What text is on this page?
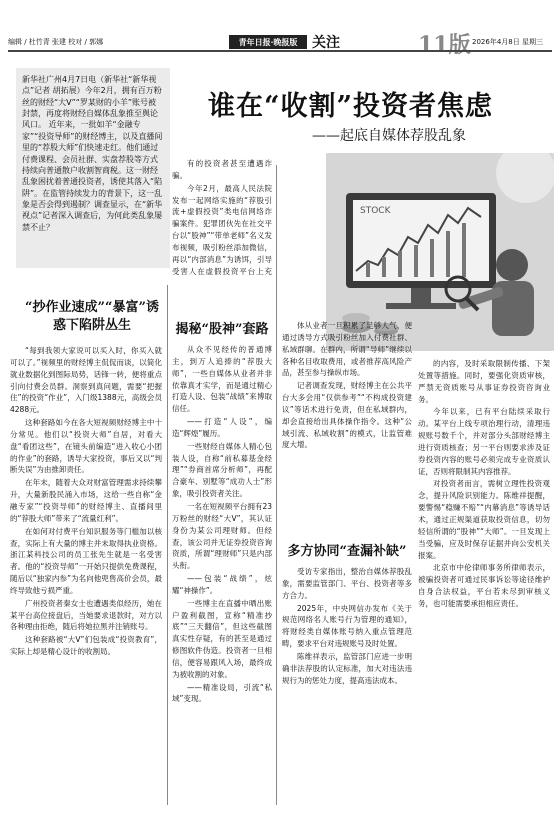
编辑 / 杜竹青 张建 校对 / 郭娜	青年日报·晚报版	关注	11版 2026年4月8日 星期三
新华社广州4月7日电（新华社“新华视点”记者 胡拓展）今年2月，拥有百万粉丝的财经“大V”“罗某财的小羊”账号被封禁，再度将财经自媒体乱象推至舆论风口。 近年来，一批如羊“金融专家”“投资导师”的财经博主，以及直播间里的“荐股大师”们快速走红。他们通过付费课程、会员社群、实盘荐股等方式持续向普通散户收割智商税。这一财经乱象困扰着普通投资者，诱使其落入“陷阱”。在监管持续发力的背景下，这一乱象是否会得到遏制？调查显示，在“新华视点”记者深入调查后，为何此类乱象屡禁不止？
谁在“收割”投资者焦虑
——起底自媒体荐股乱象
STOCK
“抄作业速成”“暴富”诱惑下陷阱丛生

“每到我领大家说可以买入时，你买入就可以了。”视频里的财经博主侃侃而谈，以简化就业数据化到图际局势，话锋一转，便将重点引向付费会员群。洞察到真问题，需要“把握住”的投资“作业”，入门级1388元，高级会员4288元。

这种套路如今在各大短视频财经博主中十分常见。他们以“投资大师”自居，对看大盘“看团这些”，在镜头前编造“进入收心小团的作业”的套路，诱导大家投资，事后又以“判断失误”为由推卸责任。

在年末，随着大众对财富管理需求持续攀升，大量新股民涌入市场，这给一些自称“金融专家”“投资导师”的财经博主、直播间里的“荐股大师”带来了“流量红利”。

在如何对付费平台知识服务等门槛加以核查，实际上有大量的博主并未取得执业资格。浙江某科技公司的员工张先生就是一名受害者。他的“投资导师”一开始只提供免费课程，随后以“独家内参”为名向他兜售高价会员，最终导致他亏损严重。

广州投资者秦女士也遭遇类似经历，她在某平台高位接盘后，当她要求退款时，对方以各种理由拒绝，随后将她拉黑并注销账号。

这种套路被“大V”们包装成“投资教育”，实际上却是精心设计的收割局。

有的投资者甚至遭遇诈骗。

今年2月，最高人民法院发布一起网络实施的“荐股引流+虚假投资”类电信网络诈骗案件。犯罪团伙先在社交平台以“股神”“带单老师”名义发布视频，吸引粉丝添加微信，再以“内部消息”为诱饵，引导受害人在虚假投资平台上充

揭秘“股神”套路

从众不见经传的普通博主，到万人追捧的“荐股大师”，一些自媒体从业者并非依靠真才实学，而是通过精心打造人设、包装“战绩”来博取信任。

——打造“人设”，编造“辉煌”履历。

一些财经自媒体人精心包装人设，自称“前私募基金经理”“券商首席分析师”，再配合豪车、别墅等“成功人士”形象，吸引投资者关注。

一名在短视频平台拥有23万粉丝的财经“大V”，其认证身份为某公司理财师。但经查，该公司并无证券投资咨询资质，所谓“理财师”只是内部头衔。

——包装“战绩”，炫耀“神操作”。

一些博主在直播中晒出账户盈利截图，宣称“精准抄底”“三天翻倍”，但这些截图真实性存疑，有的甚至是通过修图软件伪造。投资者一旦相信，便容易跟风入场，最终成为被收割的对象。

——精准设局，引流“私域”变现。

体从业者一旦积累了足够人气，便通过诱导方式吸引粉丝加入付费社群、私域群聊。在群内，所谓“导师”继续以各种名目收取费用，或者推荐高风险产品，甚至参与操纵市场。

记者调查发现，财经博主在公共平台大多会用“仅供参考”“不构成投资建议”等话术进行免责，但在私域群内，却会直接给出具体操作指令。这种“公域引流、私域收割”的模式，让监管难度大增。

多方协同“查漏补缺”

受访专家指出，整治自媒体荐股乱象，需要监管部门、平台、投资者等多方合力。

2025年，中央网信办发布《关于规范网络名人账号行为管理的通知》，将财经类自媒体账号纳入重点管理范畴，要求平台对违规账号及时处置。

陈维祥表示，监管部门应进一步明确非法荐股的认定标准，加大对违法违规行为的惩处力度，提高违法成本。

的内容，及时采取限制传播、下架处置等措施。同时，要强化资质审核，严禁无资质账号从事证券投资咨询业务。

今年以来，已有平台陆续采取行动。某平台上线专项治理行动，清理违规账号数千个，并对部分头部财经博主进行资质核查；另一平台则要求涉及证券投资内容的账号必须完成专业资质认证，否则将限制其内容推荐。

对投资者而言，需树立理性投资观念，提升风险识别能力。陈维祥提醒，要警惕“稳赚不赔”“内幕消息”等诱导话术，通过正规渠道获取投资信息，切勿轻信所谓的“股神”“大师”。一旦发现上当受骗，应及时保存证据并向公安机关报案。

北京市中伦律师事务所律师表示，被骗投资者可通过民事诉讼等途径维护自身合法权益，平台若未尽到审核义务，也可能需要承担相应责任。
